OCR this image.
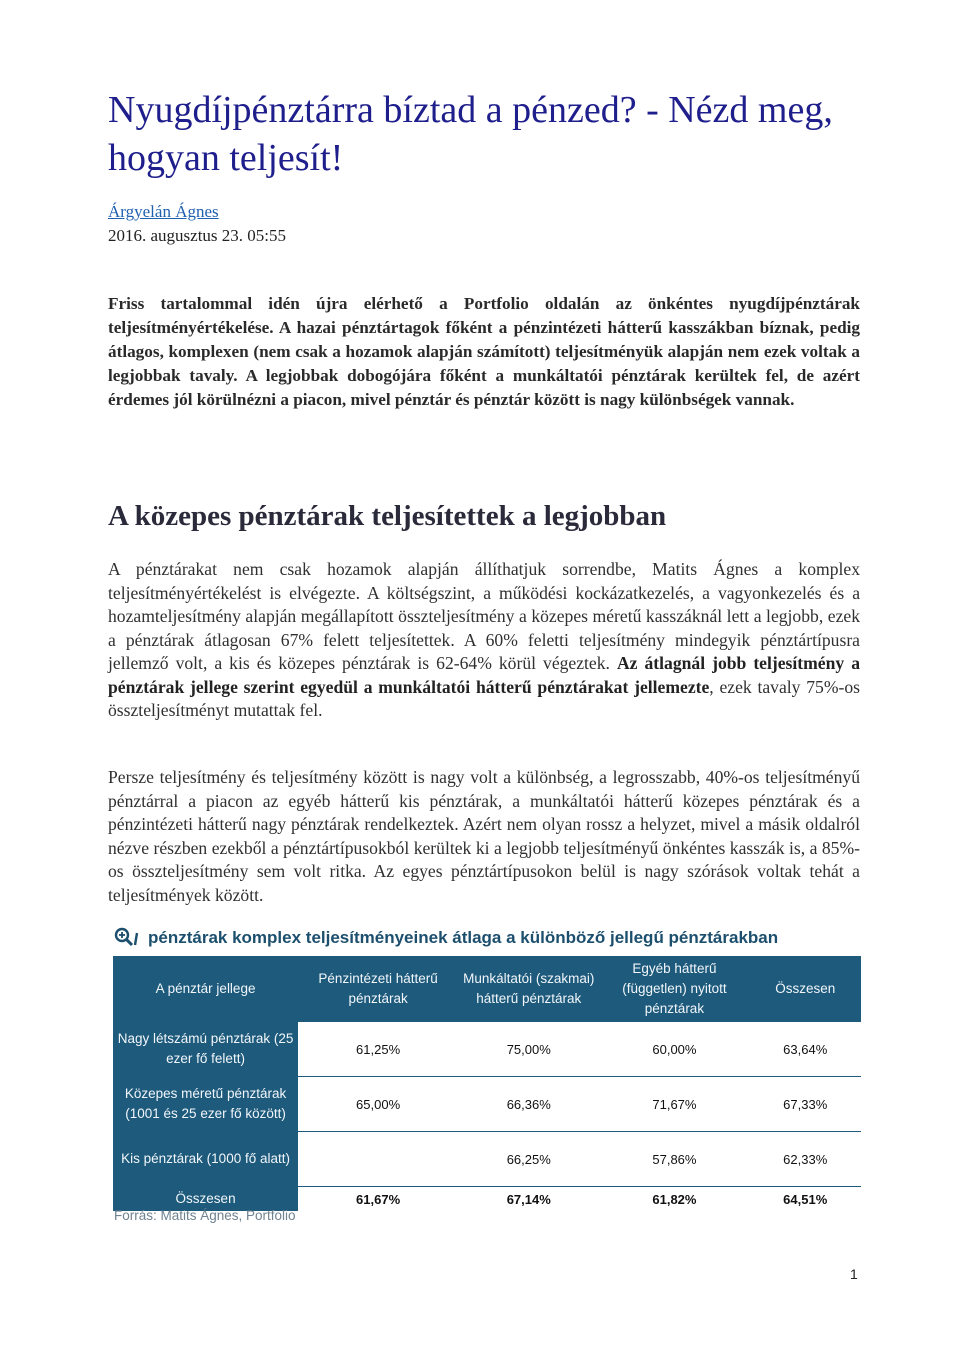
Nyugdíjpénztárra bíztad a pénzed? - Nézd meg, hogyan teljesít!
Árgyelán Ágnes
2016. augusztus 23. 05:55

Friss tartalommal idén újra elérhető a Portfolio oldalán az önkéntes nyugdíjpénztárak teljesítményértékelése. A hazai pénztártagok főként a pénzintézeti hátterű kasszákban bíznak, pedig átlagos, komplexen (nem csak a hozamok alapján számított) teljesítményük alapján nem ezek voltak a legjobbak tavaly. A legjobbak dobogójára főként a munkáltatói pénztárak kerültek fel, de azért érdemes jól körülnézni a piacon, mivel pénztár és pénztár között is nagy különbségek vannak.

A közepes pénztárak teljesítettek a legjobban

A pénztárakat nem csak hozamok alapján állíthatjuk sorrendbe, Matits Ágnes a komplex teljesítményértékelést is elvégezte. A költségszint, a működési kockázatkezelés, a vagyonkezelés és a hozamteljesítmény alapján megállapított összteljesítmény a közepes méretű kasszáknál lett a legjobb, ezek a pénztárak átlagosan 67% felett teljesítettek. A 60% feletti teljesítmény mindegyik pénztártípusra jellemző volt, a kis és közepes pénztárak is 62-64% körül végeztek. Az átlagnál jobb teljesítmény a pénztárak jellege szerint egyedül a munkáltatói hátterű pénztárakat jellemezte, ezek tavaly 75%-os összteljesítményt mutattak fel.

Persze teljesítmény és teljesítmény között is nagy volt a különbség, a legrosszabb, 40%-os teljesítményű pénztárral a piacon az egyéb hátterű kis pénztárak, a munkáltatói hátterű közepes pénztárak és a pénzintézeti hátterű nagy pénztárak rendelkeztek. Azért nem olyan rossz a helyzet, mivel a másik oldalról nézve részben ezekből a pénztártípusokból kerültek ki a legjobb teljesítményű önkéntes kasszák is, a 85%-os összteljesítmény sem volt ritka. Az egyes pénztártípusokon belül is nagy szórások voltak tehát a teljesítmények között.

pénztárak komplex teljesítményeinek átlaga a különböző jellegű pénztárakban
A pénztár jellege	Pénzintézeti hátterű pénztárak	Munkáltatói (szakmai) hátterű pénztárak	Egyéb hátterű (független) nyitott pénztárak	Összesen
Nagy létszámú pénztárak (25 ezer fő felett)	61,25%	75,00%	60,00%	63,64%
Közepes méretű pénztárak (1001 és 25 ezer fő között)	65,00%	66,36%	71,67%	67,33%
Kis pénztárak (1000 fő alatt)		66,25%	57,86%	62,33%
Összesen	61,67%	67,14%	61,82%	64,51%
Forrás: Matits Ágnes, Portfolio
1
